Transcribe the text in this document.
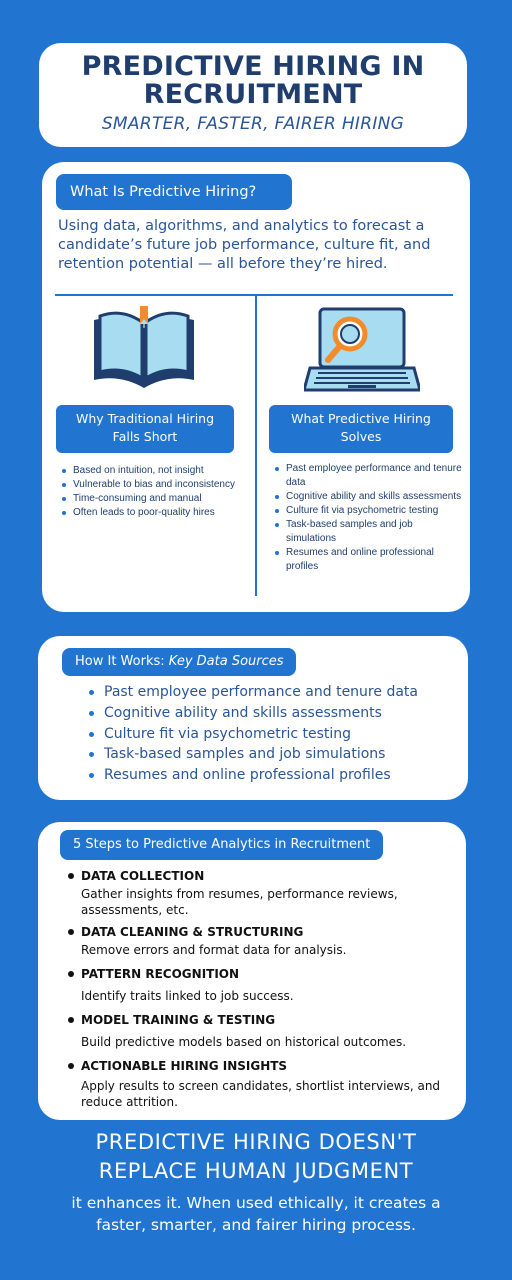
PREDICTIVE HIRING IN
RECRUITMENT
SMARTER, FASTER, FAIRER HIRING
What Is Predictive Hiring?
Using data, algorithms, and analytics to forecast a candidate’s future job performance, culture fit, and retention potential — all before they’re hired.
Why Traditional Hiring
Falls Short
What Predictive Hiring
Solves
Based on intuition, not insight
Vulnerable to bias and inconsistency
Time-consuming and manual
Often leads to poor-quality hires
Past employee performance and tenure data
Cognitive ability and skills assessments
Culture fit via psychometric testing
Task-based samples and job simulations
Resumes and online professional profiles
How It Works: Key Data Sources
Past employee performance and tenure data
Cognitive ability and skills assessments
Culture fit via psychometric testing
Task-based samples and job simulations
Resumes and online professional profiles
5 Steps to Predictive Analytics in Recruitment
DATA COLLECTION
Gather insights from resumes, performance reviews, assessments, etc.
DATA CLEANING & STRUCTURING
Remove errors and format data for analysis.
PATTERN RECOGNITION
Identify traits linked to job success.
MODEL TRAINING & TESTING
Build predictive models based on historical outcomes.
ACTIONABLE HIRING INSIGHTS
Apply results to screen candidates, shortlist interviews, and reduce attrition.
PREDICTIVE HIRING DOESN'T
REPLACE HUMAN JUDGMENT
it enhances it. When used ethically, it creates a
faster, smarter, and fairer hiring process.
